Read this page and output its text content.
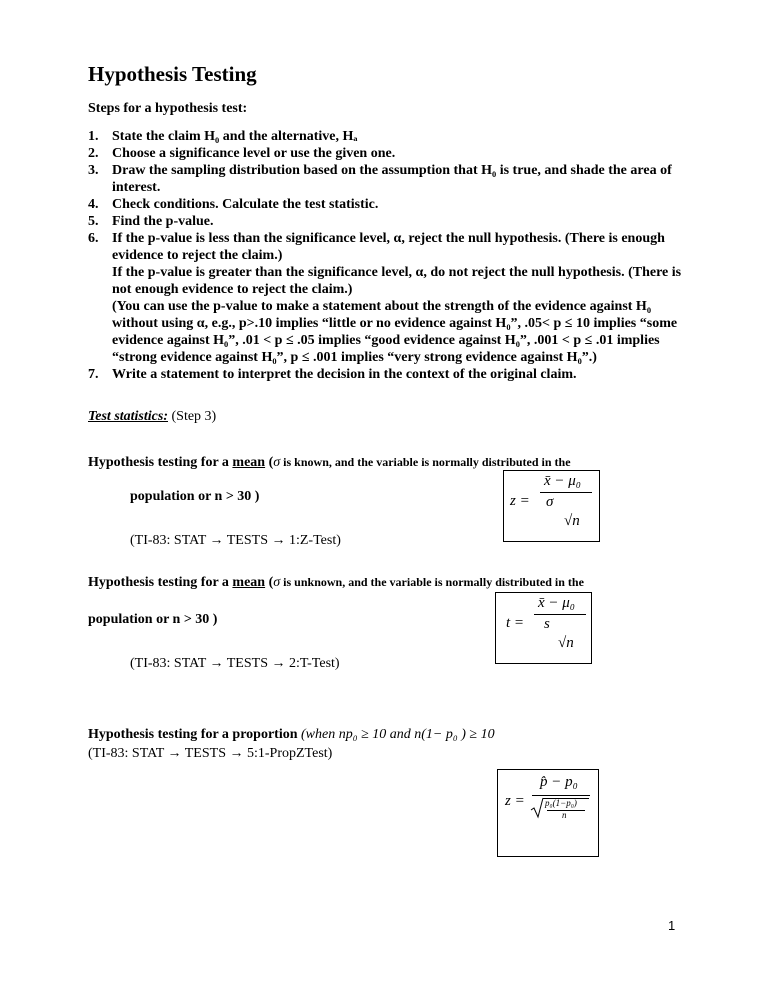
Hypothesis Testing
Steps for a hypothesis test:
1. State the claim H₀ and the alternative, Hₐ
2. Choose a significance level or use the given one.
3. Draw the sampling distribution based on the assumption that H₀ is true, and shade the area of interest.
4. Check conditions. Calculate the test statistic.
5. Find the p-value.
6. If the p-value is less than the significance level, α, reject the null hypothesis. (There is enough evidence to reject the claim.)
If the p-value is greater than the significance level, α, do not reject the null hypothesis. (There is not enough evidence to reject the claim.)
(You can use the p-value to make a statement about the strength of the evidence against H₀ without using α, e.g., p>.10 implies “little or no evidence against H₀”, .05< p ≤ 10 implies “some evidence against H₀”, .01 < p ≤ .05 implies “good evidence against H₀”, .001 < p ≤ .01 implies “strong evidence against H₀”, p ≤ .001 implies “very strong evidence against H₀”.)
7. Write a statement to interpret the decision in the context of the original claim.
Test statistics: (Step 3)
Hypothesis testing for a mean (σ is known, and the variable is normally distributed in the
population or n > 30 )
(TI-83: STAT → TESTS → 1:Z-Test)
z =
x̄ − μ₀
σ
√n
Hypothesis testing for a mean (σ is unknown, and the variable is normally distributed in the
population or n > 30 )
(TI-83: STAT → TESTS → 2:T-Test)
t =
x̄ − μ₀
s
√n
Hypothesis testing for a proportion (when np₀ ≥ 10 and n(1− p₀ ) ≥ 10
(TI-83: STAT → TESTS → 5:1-PropZTest)
z =
p̂ − p₀
p₀(1−p₀)
n
1
